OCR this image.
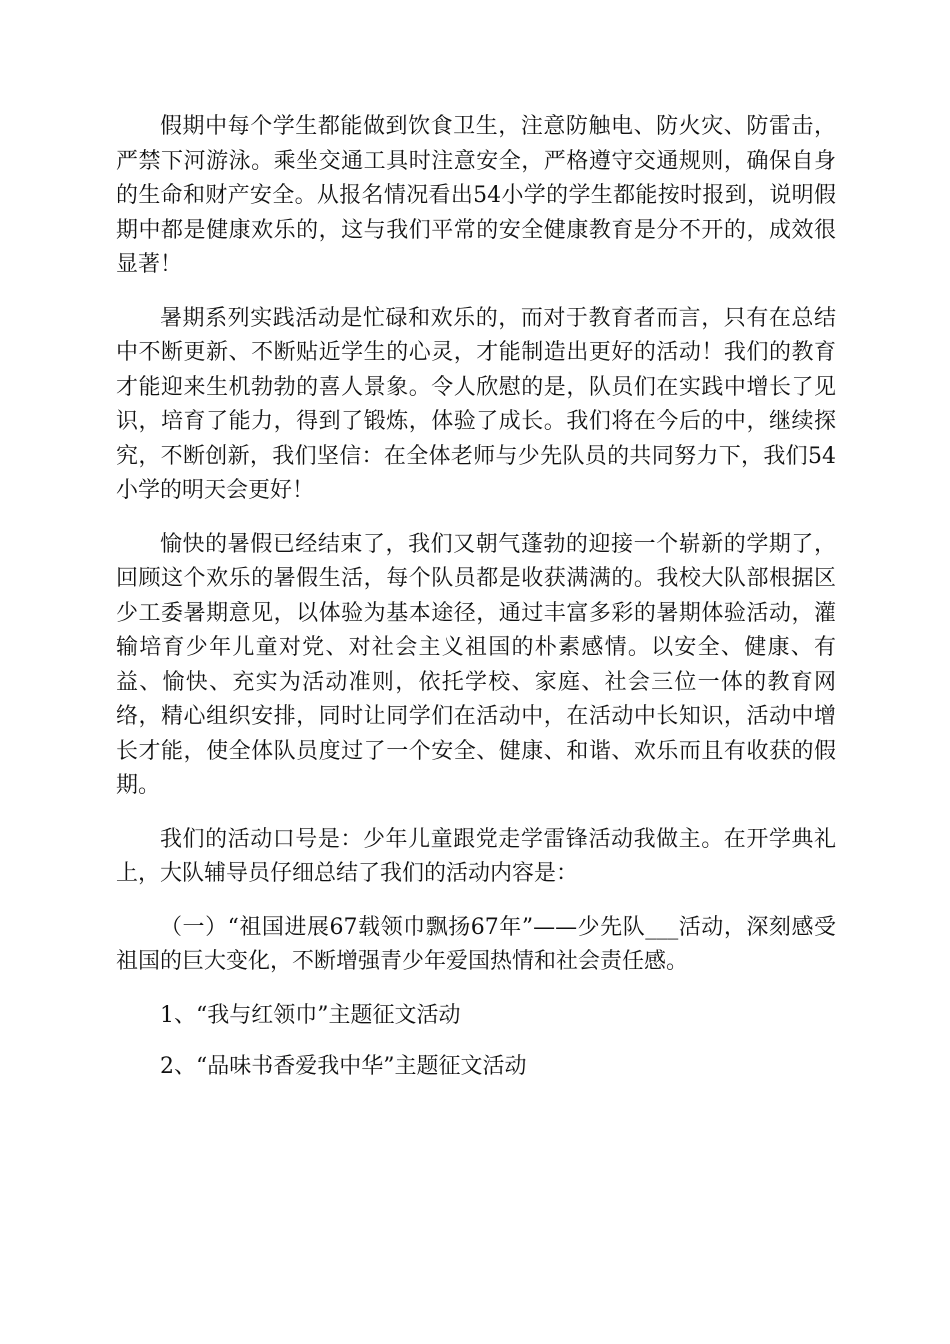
假期中每个学生都能做到饮食卫生，注意防触电、防火灾、防雷击，严禁下河游泳。乘坐交通工具时注意安全，严格遵守交通规则，确保自身的生命和财产安全。从报名情况看出54小学的学生都能按时报到，说明假期中都是健康欢乐的，这与我们平常的安全健康教育是分不开的，成效很显著！

暑期系列实践活动是忙碌和欢乐的，而对于教育者而言，只有在总结中不断更新、不断贴近学生的心灵，才能制造出更好的活动！我们的教育才能迎来生机勃勃的喜人景象。令人欣慰的是，队员们在实践中增长了见识，培育了能力，得到了锻炼，体验了成长。我们将在今后的中，继续探究，不断创新，我们坚信：在全体老师与少先队员的共同努力下，我们54小学的明天会更好！

愉快的暑假已经结束了，我们又朝气蓬勃的迎接一个崭新的学期了，回顾这个欢乐的暑假生活，每个队员都是收获满满的。我校大队部根据区少工委暑期意见，以体验为基本途径，通过丰富多彩的暑期体验活动，灌输培育少年儿童对党、对社会主义祖国的朴素感情。以安全、健康、有益、愉快、充实为活动准则，依托学校、家庭、社会三位一体的教育网络，精心组织安排，同时让同学们在活动中，在活动中长知识，活动中增长才能，使全体队员度过了一个安全、健康、和谐、欢乐而且有收获的假期。

我们的活动口号是：少年儿童跟党走学雷锋活动我做主。在开学典礼上，大队辅导员仔细总结了我们的活动内容是：

（一）“祖国进展67载领巾飘扬67年”——少先队___活动，深刻感受祖国的巨大变化，不断增强青少年爱国热情和社会责任感。

1、“我与红领巾”主题征文活动

2、“品味书香爱我中华”主题征文活动
